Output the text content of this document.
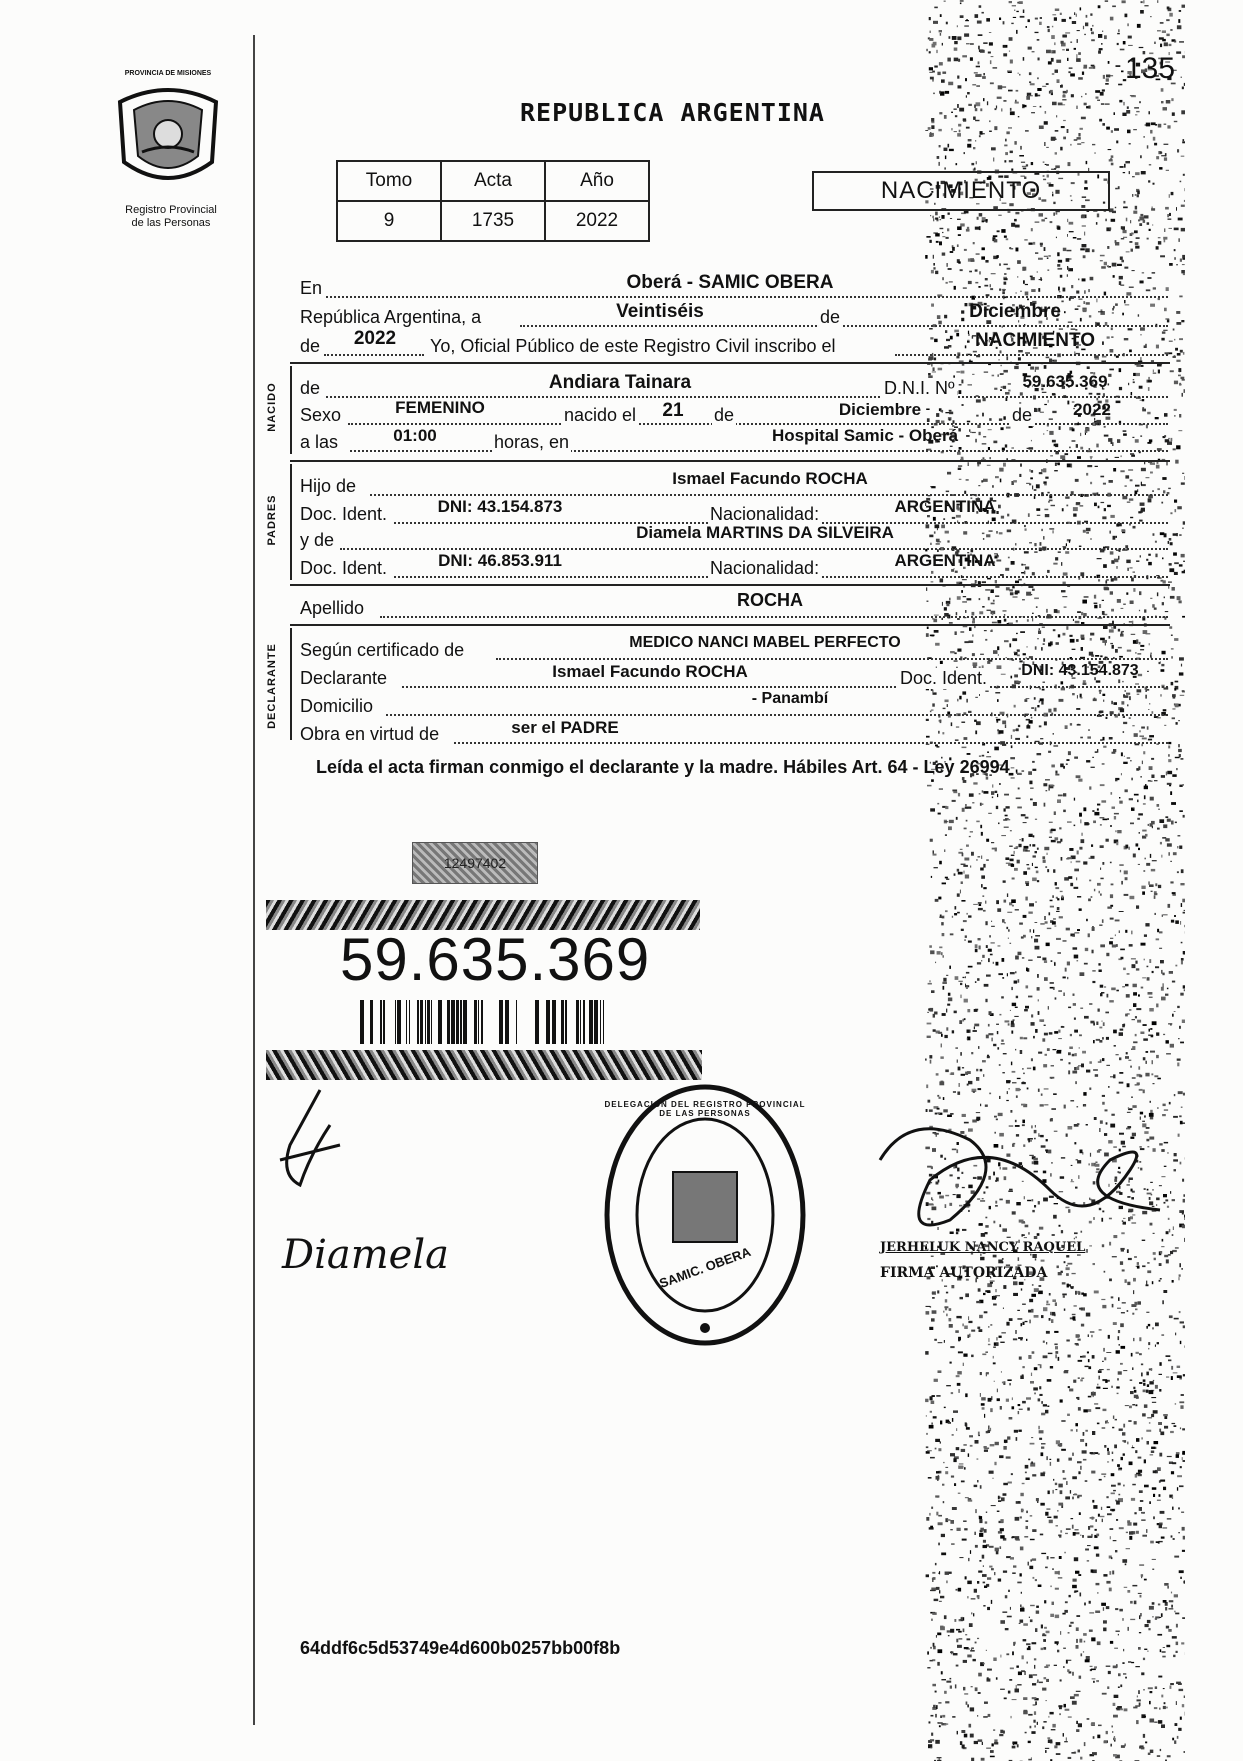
Registro Provincial
de las Personas
PROVINCIA DE MISIONES	135
REPUBLICA ARGENTINA
Tomo	Acta	Año
9	1735	2022
NACIMIENTO
En	Oberá - SAMIC OBERA
República Argentina, a	Veintiséis	de	Diciembre
de	2022	Yo, Oficial Público de este Registro Civil inscribo el	NACIMIENTO
NACIDO de	Andiara Tainara	D.N.I. Nº	59.635.369
Sexo	FEMENINO	nacido el	21	de	Diciembre	de	2022
a las	01:00	horas, en	Hospital Samic - Oberá
PADRES
Hijo de	Ismael Facundo ROCHA
Doc. Ident.	DNI: 43.154.873	Nacionalidad:	ARGENTINA
y de	Diamela MARTINS DA SILVEIRA
Doc. Ident.	DNI: 46.853.911	Nacionalidad:	ARGENTINA
Apellido	ROCHA
DECLARANTE Según certificado de	MEDICO NANCI MABEL PERFECTO
Declarante	Ismael Facundo ROCHA	Doc. Ident.	DNI: 43.154.873
Domicilio	- Panambí
Obra en virtud de	ser el PADRE
Leída el acta firman conmigo el declarante y la madre. Hábiles Art. 64 - Ley 26994
12497402
59.635.369
Diamela
DELEGACION DEL REGISTRO PROVINCIAL DE LAS PERSONAS
SAMIC. OBERA	JERHELUK NANCY RAQUEL
FIRMA AUTORIZADA
64ddf6c5d53749e4d600b0257bb00f8b
